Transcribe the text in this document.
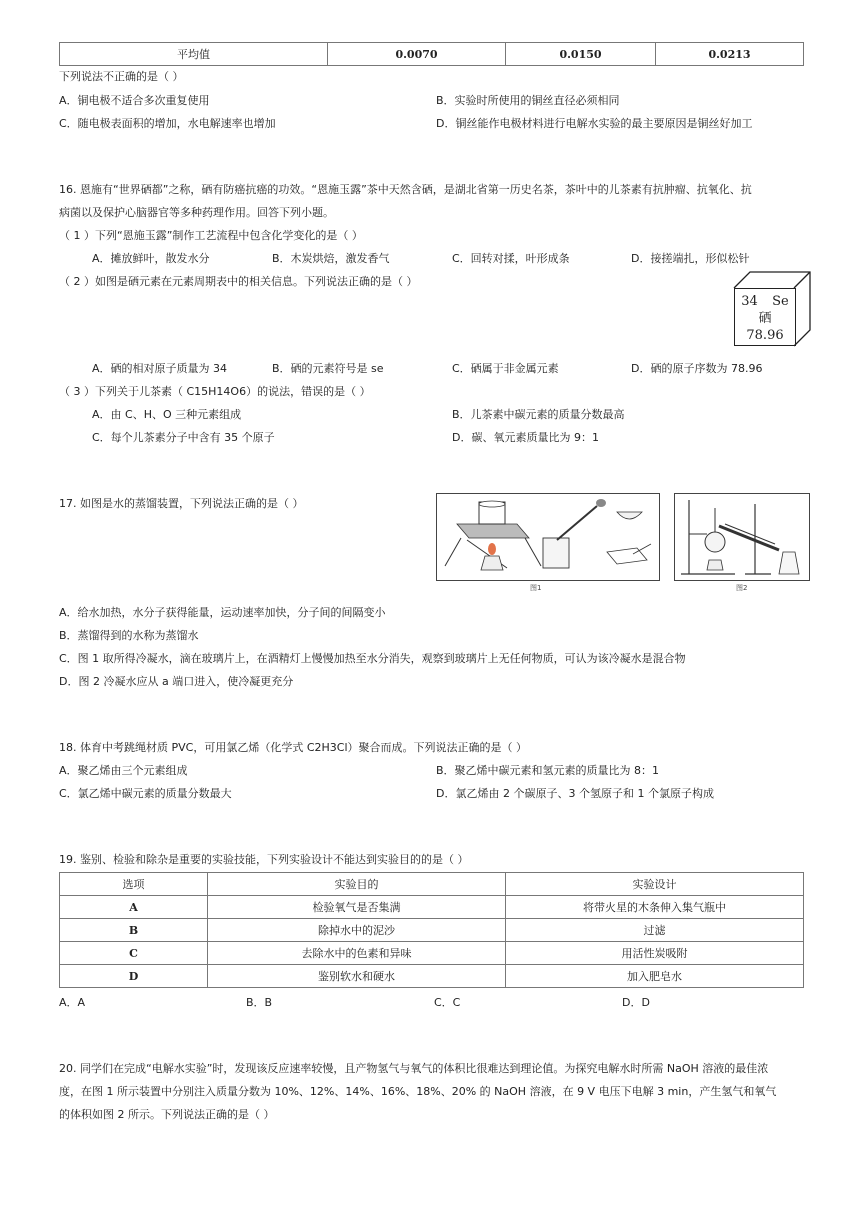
平均值	0.0070	0.0150	0.0213
下列说法不正确的是（ ）
A．铜电极不适合多次重复使用	B．实验时所使用的铜丝直径必须相同
C．随电极表面积的增加，水电解速率也增加	D．铜丝能作电极材料进行电解水实验的最主要原因是铜丝好加工
16. 恩施有“世界硒都”之称，硒有防癌抗癌的功效。“恩施玉露”茶中天然含硒，是湖北省第一历史名茶，茶叶中的儿茶素有抗肿瘤、抗氧化、抗
病菌以及保护心脑器官等多种药理作用。回答下列小题。
（ 1 ）下列“恩施玉露”制作工艺流程中包含化学变化的是（ ）
A．摊放鲜叶，散发水分	B．木炭烘焙，激发香气	C．回转对揉，叶形成条	D．接搓端扎，形似松针
（ 2 ）如图是硒元素在元素周期表中的相关信息。下列说法正确的是（ ）
34 Se
硒
78.96
A．硒的相对原子质量为 34	B．硒的元素符号是 se	C．硒属于非金属元素	D．硒的原子序数为 78.96
（ 3 ）下列关于儿茶素（ C15H14O6）的说法，错误的是（ ）
A．由 C、H、O 三种元素组成	B．儿茶素中碳元素的质量分数最高
C．每个儿茶素分子中含有 35 个原子	D．碳、氧元素质量比为 9：1
17. 如图是水的蒸馏装置，下列说法正确的是（ ）
图1	图2
A．给水加热，水分子获得能量，运动速率加快，分子间的间隔变小
B．蒸馏得到的水称为蒸馏水
C．图 1 取所得冷凝水，滴在玻璃片上，在酒精灯上慢慢加热至水分消失，观察到玻璃片上无任何物质，可认为该冷凝水是混合物
D．图 2 冷凝水应从 a 端口进入，使冷凝更充分
18. 体育中考跳绳材质 PVC，可用氯乙烯（化学式 C2H3Cl）聚合而成。下列说法正确的是（ ）
A．聚乙烯由三个元素组成	B．聚乙烯中碳元素和氢元素的质量比为 8：1
C．氯乙烯中碳元素的质量分数最大	D．氯乙烯由 2 个碳原子、3 个氢原子和 1 个氯原子构成
19. 鉴别、检验和除杂是重要的实验技能，下列实验设计不能达到实验目的的是（ ）
选项	实验目的	实验设计
A	检验氧气是否集满	将带火星的木条伸入集气瓶中
B	除掉水中的泥沙	过滤
C	去除水中的色素和异味	用活性炭吸附
D	鉴别软水和硬水	加入肥皂水
A．A	B．B	C．C	D．D
20. 同学们在完成“电解水实验”时，发现该反应速率较慢，且产物氢气与氧气的体积比很难达到理论值。为探究电解水时所需 NaOH 溶液的最佳浓
度，在图 1 所示装置中分别注入质量分数为 10%、12%、14%、16%、18%、20% 的 NaOH 溶液，在 9 V 电压下电解 3 min，产生氢气和氧气
的体积如图 2 所示。下列说法正确的是（ ）
